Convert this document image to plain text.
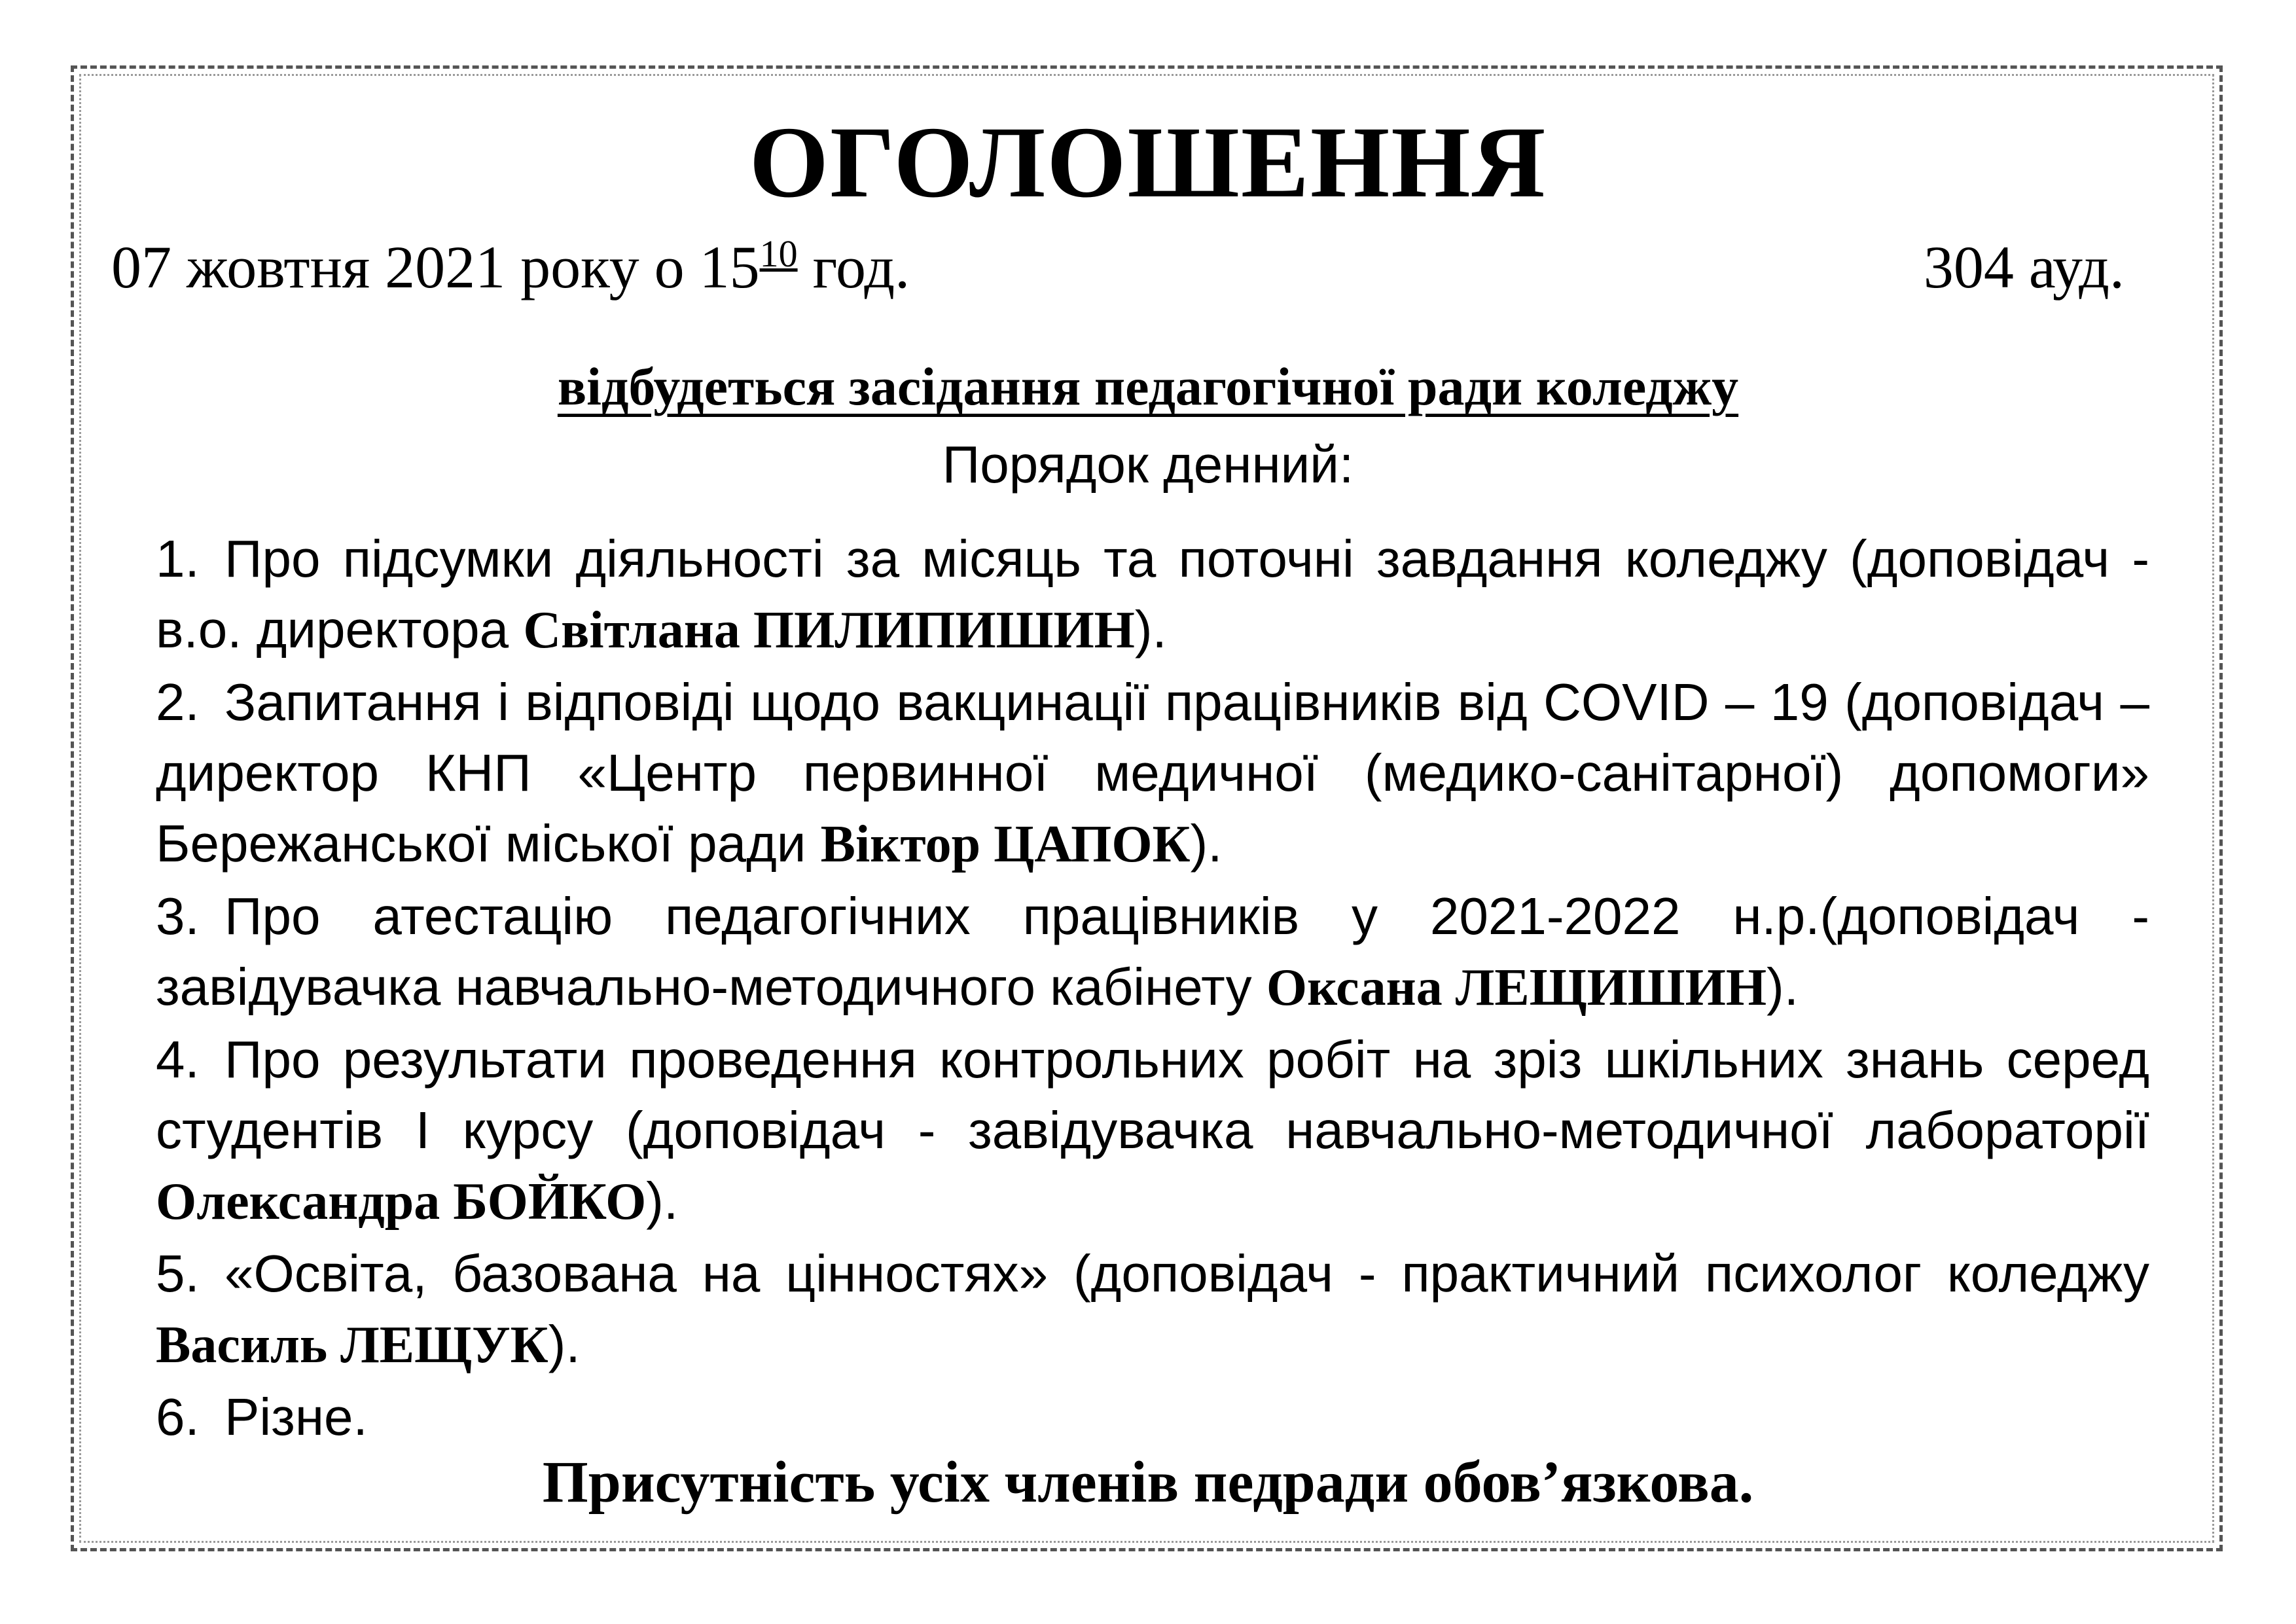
ОГОЛОШЕННЯ
07 жовтня 2021 року о $15^{10}$ год.	304 ауд.
відбудеться засідання педагогічної ради коледжу
Порядок денний:
1. Про підсумки діяльності за місяць та поточні завдання коледжу (доповідач - в.о. директора Світлана ПИЛИПИШИН).
2. Запитання і відповіді щодо вакцинації працівників від COVID – 19 (доповідач – директор КНП «Центр первинної медичної (медико-санітарної) допомоги» Бережанської міської ради Віктор ЦАПОК).
3. Про атестацію педагогічних працівників у 2021-2022 н.р.(доповідач - завідувачка навчально-методичного кабінету Оксана ЛЕЩИШИН).
4. Про результати проведення контрольних робіт на зріз шкільних знань серед студентів І курсу (доповідач - завідувачка навчально-методичної лабораторії Олександра БОЙКО).
5. «Освіта, базована на цінностях» (доповідач - практичний психолог коледжу Василь ЛЕЩУК).
6. Різне.
Присутність усіх членів педради обов’язкова.
